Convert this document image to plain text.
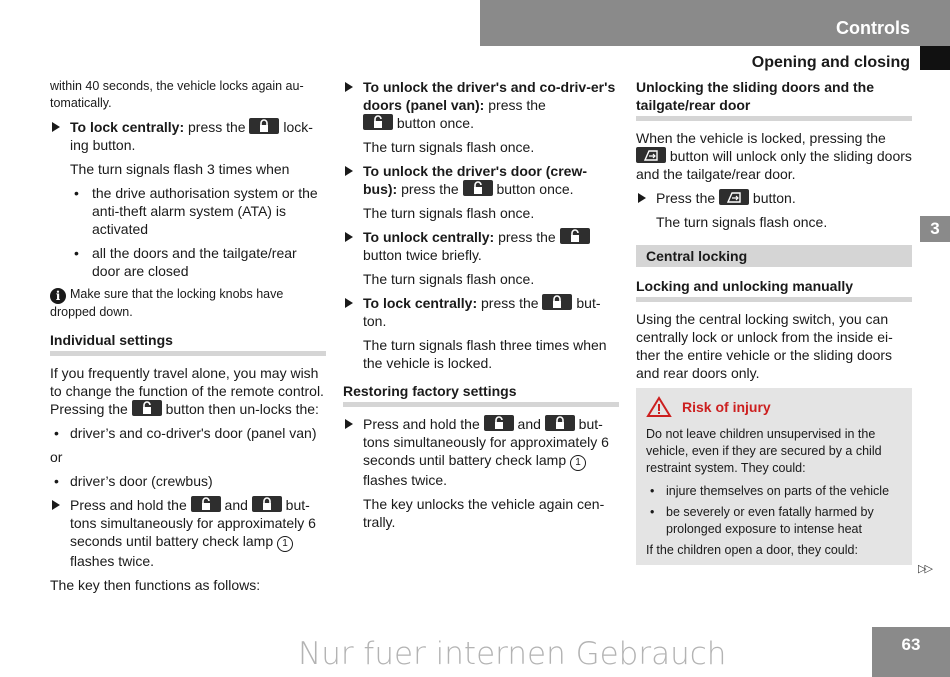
Controls
Opening and closing
3
▷▷
63
Nur fuer internen Gebrauch

within 40 seconds, the vehicle locks again au-tomatically.

To lock centrally: press the	lock-ing button.
The turn signals flash 3 times when
• the drive authorisation system or the anti-theft alarm system (ATA) is activated
• all the doors and the tailgate/rear door are closed

i Make sure that the locking knobs have dropped down.

Individual settings

If you frequently travel alone, you may wish to change the function of the remote control. Pressing the	button then un-locks the:

• driver’s and co-driver's door (panel van)

or

• driver’s door (crewbus)
Press and hold the	and	but-tons simultaneously for approximately 6 seconds until battery check lamp 1 flashes twice.

The key then functions as follows:

To unlock the driver's and co-driv-er's doors (panel van): press the

button once.
The turn signals flash once.
To unlock the driver's door (crew-bus): press the	button once.
The turn signals flash once.
To unlock centrally: press the
button twice briefly.
The turn signals flash once.
To lock centrally: press the	but-ton.
The turn signals flash three times when the vehicle is locked.
Restoring factory settings
Press and hold the	and	but-tons simultaneously for approximately 6 seconds until battery check lamp 1 flashes twice.
The key unlocks the vehicle again cen-trally.
Unlocking the sliding doors and the tailgate/rear door

When the vehicle is locked, pressing the

button will unlock only the sliding doors and the tailgate/rear door.

Press the	button.
The turn signals flash once.
Central locking
Locking and unlocking manually

Using the central locking switch, you can centrally lock or unlock from the inside ei-ther the entire vehicle or the sliding doors and rear doors only.

Risk of injury

Do not leave children unsupervised in the vehicle, even if they are secured by a child restraint system. They could:

• injure themselves on parts of the vehicle
• be severely or even fatally harmed by prolonged exposure to intense heat

If the children open a door, they could:
